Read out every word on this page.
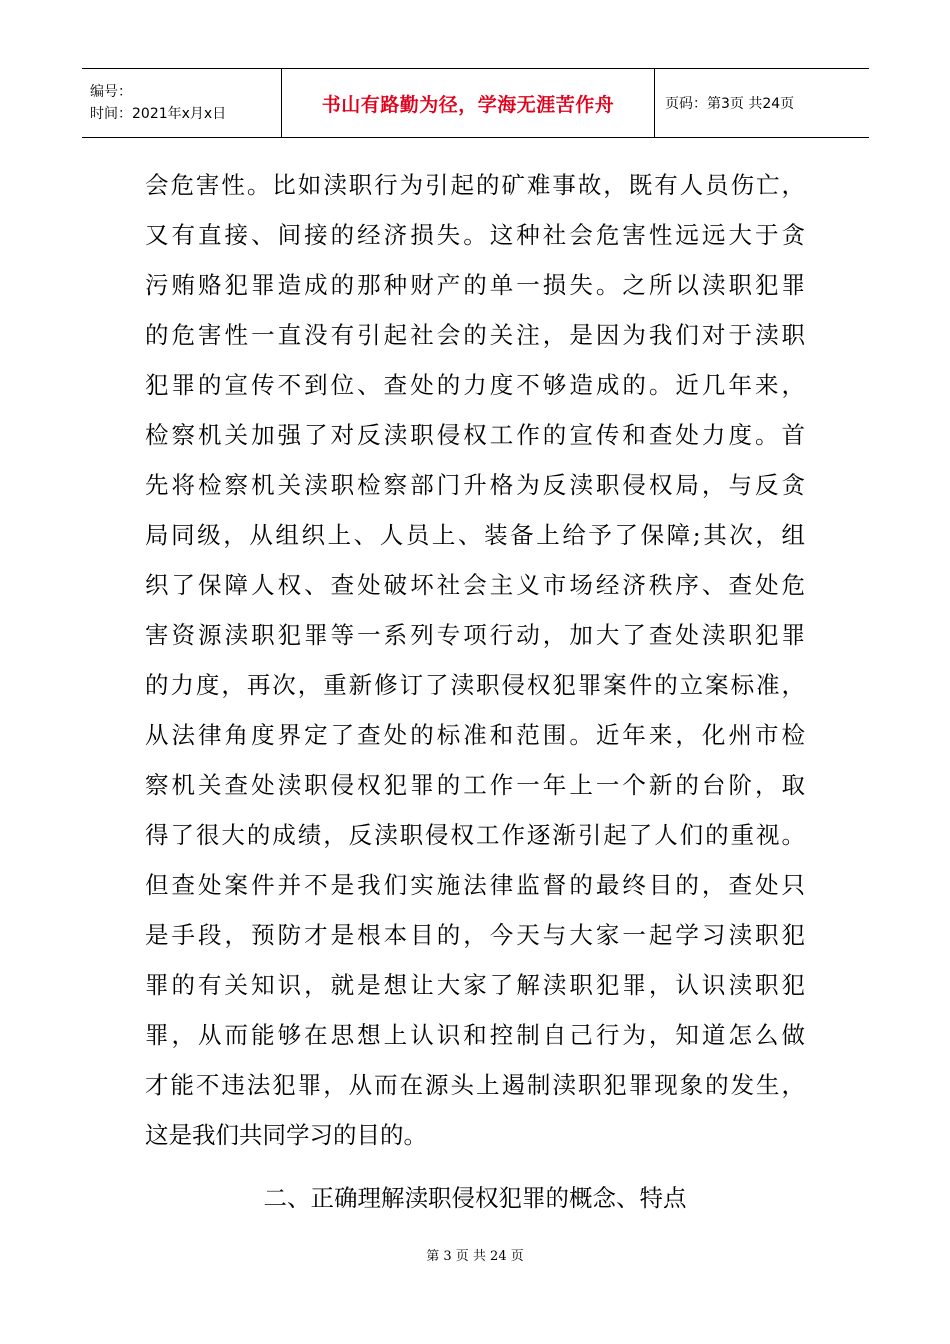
编号：
时间：2021年x月x日	书山有路勤为径，学海无涯苦作舟	页码：第3页 共24页
会危害性。比如渎职行为引起的矿难事故，既有人员伤亡，
又有直接、间接的经济损失。这种社会危害性远远大于贪
污贿赂犯罪造成的那种财产的单一损失。之所以渎职犯罪
的危害性一直没有引起社会的关注，是因为我们对于渎职
犯罪的宣传不到位、查处的力度不够造成的。近几年来，
检察机关加强了对反渎职侵权工作的宣传和查处力度。首
先将检察机关渎职检察部门升格为反渎职侵权局，与反贪
局同级，从组织上、人员上、装备上给予了保障;其次，组
织了保障人权、查处破坏社会主义市场经济秩序、查处危
害资源渎职犯罪等一系列专项行动，加大了查处渎职犯罪
的力度，再次，重新修订了渎职侵权犯罪案件的立案标准，
从法律角度界定了查处的标准和范围。近年来，化州市检
察机关查处渎职侵权犯罪的工作一年上一个新的台阶，取
得了很大的成绩，反渎职侵权工作逐渐引起了人们的重视。
但查处案件并不是我们实施法律监督的最终目的，查处只
是手段，预防才是根本目的，今天与大家一起学习渎职犯
罪的有关知识，就是想让大家了解渎职犯罪，认识渎职犯
罪，从而能够在思想上认识和控制自己行为，知道怎么做
才能不违法犯罪，从而在源头上遏制渎职犯罪现象的发生，
这是我们共同学习的目的。
二、正确理解渎职侵权犯罪的概念、特点
第 3 页 共 24 页
